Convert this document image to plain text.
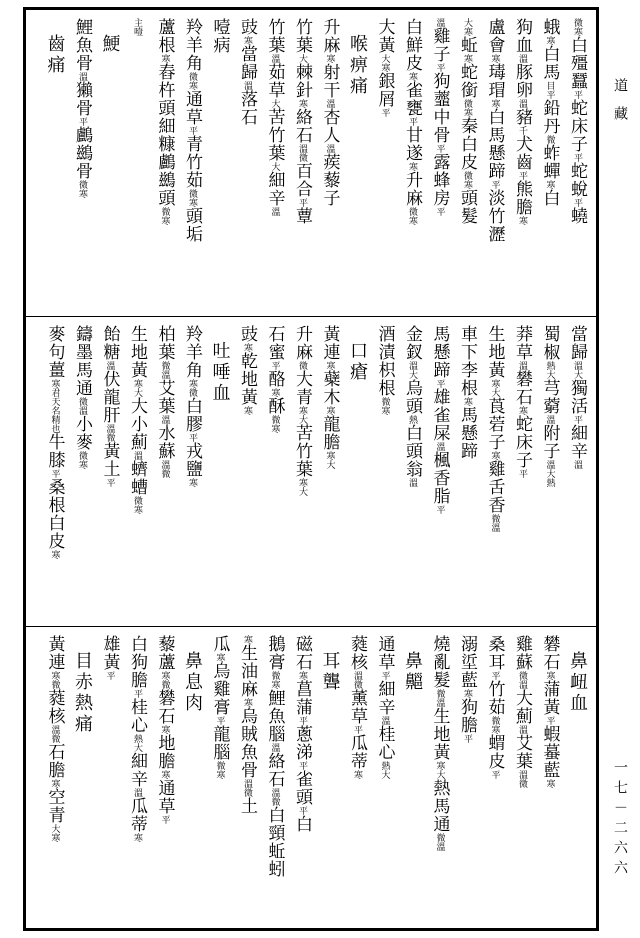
微寒
白殭蠶
平
蛇床子
平
蛇蛻
平
蟯
蛾
寒
白馬
目平
鉛丹
微
蚱蟬
寒
白
狗血
溫
豚卵
溫
豬
千
犬齒
平
熊膽
寒
盧會
寒
瑇瑁
寒
白馬懸蹄
平
淡竹瀝
大寒
蚯
寒
蛇銜
微寒
秦白皮
微寒
頭髮
溫
雞子
平
狗虀中骨
平
露蜂房
平
白鮮皮
寒
雀甕
平
甘遂
寒
升麻
微寒
大黃
大寒
銀屑
平
喉痹痛
升麻
寒
射干
溫
杏人
溫
蒺藜子
竹葉
大
棘針
寒
絡石
溫微
百合
平
蕈
竹葉
溫
茹草
大
苦竹葉
大
細辛
溫
豉
寒
當歸
溫
落石
噎病
羚羊角
微寒
通草
平
青竹茹
微寒
頭垢
蘆根
寒
舂杵頭細糠
鸕鷀頭
微寒
主
噎
鯁
鯉魚骨
溫
獺骨
平
鸕鷀骨
微寒
齒痛
當歸
溫大
獨活
平
細辛
溫
蜀椒
熱大
芎藭
溫
附子
溫大熱
莽草
溫
礬石
寒
蛇床子
平
生地黃
寒大
莨菪子
寒
雞舌香
微溫
車下李根
寒
馬
懸
蹄
馬懸蹄
平
雄雀屎
溫
楓香脂
平
金釵
溫大
烏頭
熱
白頭翁
溫
酒漬枳根
微寒
口瘡
黃連
寒
蘗木
寒
龍膽
寒大
升麻
微
大青
寒大
苦竹葉
寒大
石蜜
平
酪
寒
酥
微寒
豉
寒
乾地黃
寒
吐唾血
羚羊角
寒微
白膠
平
戎鹽
寒
柏葉
微溫
艾葉
溫
水蘇
溫微
生地黃
寒大
大小薊
溫
蠐螬
微寒
飴糖
溫
伏龍肝
溫微
黃土
平
鑄墨
馬通
微溫
小麥
微寒
麥句薑
寒君天名精也
牛膝
平
桑根白皮
寒
鼻衄血
礬石
寒
蒲黃
平
蝦蟇藍
寒
雞蘇
微溫
大薊
溫
艾葉
溫微
桑耳
平
竹茹
微寒
蝟皮
平
溺垽
藍
寒
狗膽
平
燒亂髮
微溫
生地黃
寒大
熱馬通
微溫
鼻齆
通草
平
細辛
溫
桂心
熱大
蕤核
溫微
薰草
平
瓜蒂
寒
耳聾
磁石
寒
菖蒲
平
蔥涕
平
雀頭
平
白
鵝膏
微寒
鯉魚腦
溫
絡石
溫微
白頸蚯蚓
寒
生油麻
寒
烏賊魚骨
溫微
土
瓜
寒
烏雞膏
平
龍腦
微寒
鼻息肉
藜蘆
寒微
礬石
寒
地膽
寒
通草
平
白狗膽
平
桂心
熱大
細辛
溫
瓜蒂
寒
雄黃
平
目赤熱痛
黃連
寒微
蕤核
溫微
石膽
寒
空青
大寒
道藏
一七－二六六
